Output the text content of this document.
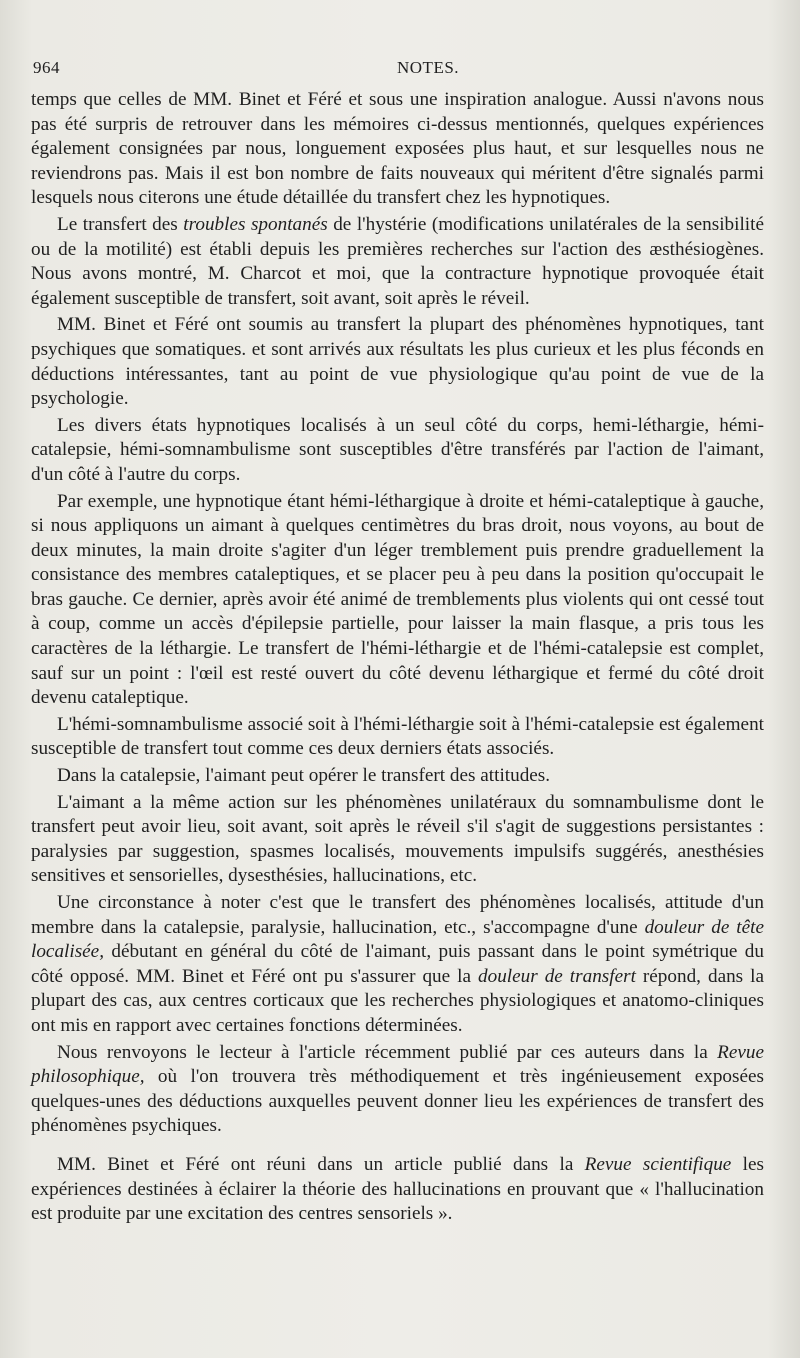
964	NOTES.

temps que celles de MM. Binet et Féré et sous une inspiration analogue. Aussi n'avons nous pas été surpris de retrouver dans les mémoires ci-dessus mentionnés, quelques expériences également consignées par nous, longuement exposées plus haut, et sur lesquelles nous ne reviendrons pas. Mais il est bon nombre de faits nouveaux qui méritent d'être signalés parmi lesquels nous citerons une étude détaillée du transfert chez les hypnotiques.

Le transfert des troubles spontanés de l'hystérie (modifications unilatérales de la sensibilité ou de la motilité) est établi depuis les premières recherches sur l'action des æsthésiogènes. Nous avons montré, M. Charcot et moi, que la contracture hypnotique provoquée était également susceptible de transfert, soit avant, soit après le réveil.

MM. Binet et Féré ont soumis au transfert la plupart des phénomènes hypnotiques, tant psychiques que somatiques. et sont arrivés aux résultats les plus curieux et les plus féconds en déductions intéressantes, tant au point de vue physiologique qu'au point de vue de la psychologie.

Les divers états hypnotiques localisés à un seul côté du corps, hemi-léthargie, hémi-catalepsie, hémi-somnambulisme sont susceptibles d'être transférés par l'action de l'aimant, d'un côté à l'autre du corps.

Par exemple, une hypnotique étant hémi-léthargique à droite et hémi-cataleptique à gauche, si nous appliquons un aimant à quelques centimètres du bras droit, nous voyons, au bout de deux minutes, la main droite s'agiter d'un léger tremblement puis prendre graduellement la consistance des membres cataleptiques, et se placer peu à peu dans la position qu'occupait le bras gauche. Ce dernier, après avoir été animé de tremblements plus violents qui ont cessé tout à coup, comme un accès d'épilepsie partielle, pour laisser la main flasque, a pris tous les caractères de la léthargie. Le transfert de l'hémi-léthargie et de l'hémi-catalepsie est complet, sauf sur un point : l'œil est resté ouvert du côté devenu léthargique et fermé du côté droit devenu cataleptique.

L'hémi-somnambulisme associé soit à l'hémi-léthargie soit à l'hémi-catalepsie est également susceptible de transfert tout comme ces deux derniers états associés.

Dans la catalepsie, l'aimant peut opérer le transfert des attitudes.

L'aimant a la même action sur les phénomènes unilatéraux du somnambulisme dont le transfert peut avoir lieu, soit avant, soit après le réveil s'il s'agit de suggestions persistantes : paralysies par suggestion, spasmes localisés, mouvements impulsifs suggérés, anesthésies sensitives et sensorielles, dysesthésies, hallucinations, etc.

Une circonstance à noter c'est que le transfert des phénomènes localisés, attitude d'un membre dans la catalepsie, paralysie, hallucination, etc., s'accompagne d'une douleur de tête localisée, débutant en général du côté de l'aimant, puis passant dans le point symétrique du côté opposé. MM. Binet et Féré ont pu s'assurer que la douleur de transfert répond, dans la plupart des cas, aux centres corticaux que les recherches physiologiques et anatomo-cliniques ont mis en rapport avec certaines fonctions déterminées.

Nous renvoyons le lecteur à l'article récemment publié par ces auteurs dans la Revue philosophique, où l'on trouvera très méthodiquement et très ingénieusement exposées quelques-unes des déductions auxquelles peuvent donner lieu les expériences de transfert des phénomènes psychiques.

MM. Binet et Féré ont réuni dans un article publié dans la Revue scientifique les expériences destinées à éclairer la théorie des hallucinations en prouvant que « l'hallucination est produite par une excitation des centres sensoriels ».
